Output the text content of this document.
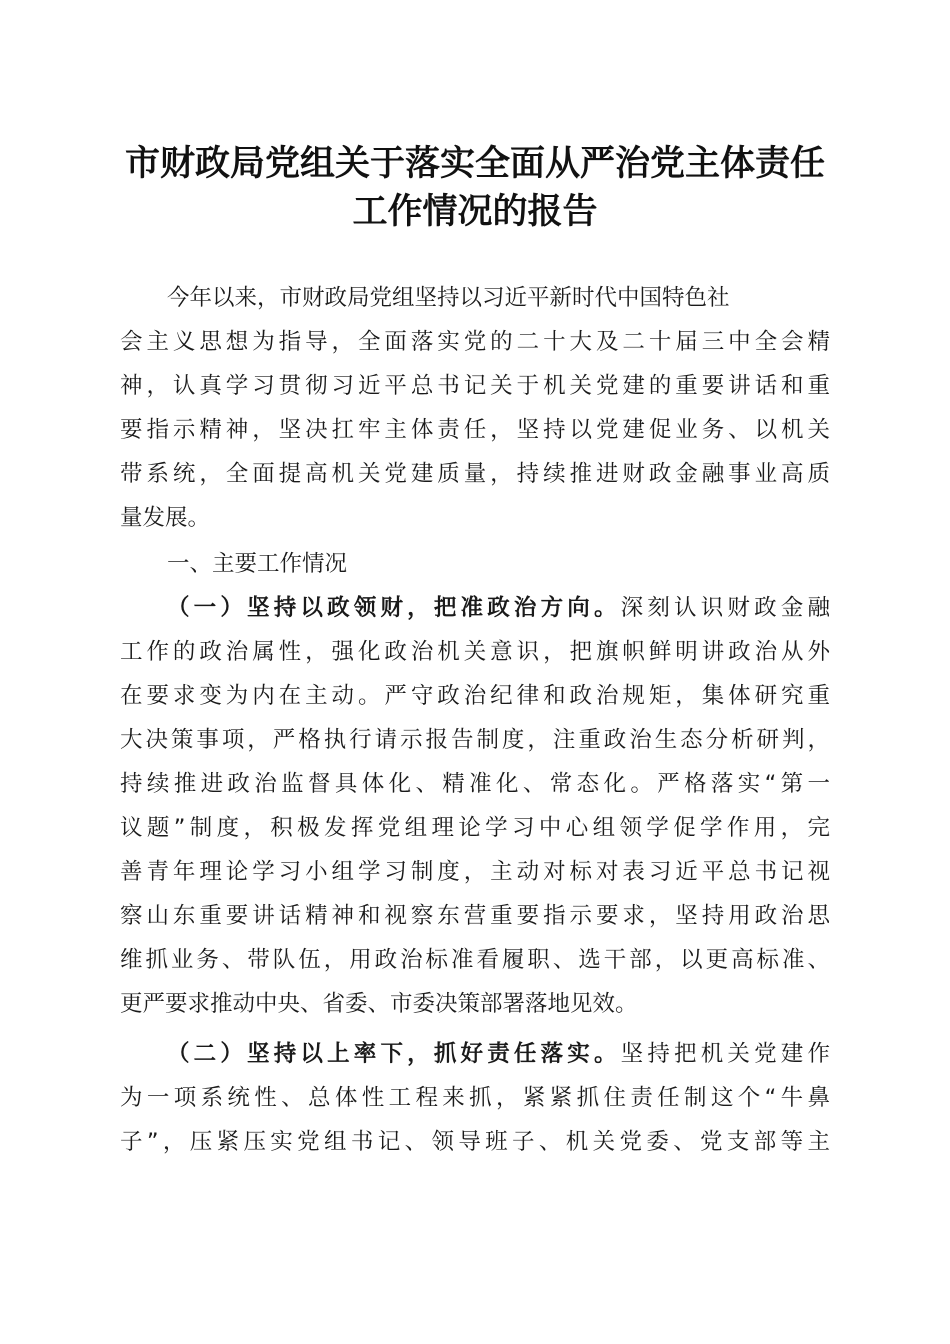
市财政局党组关于落实全面从严治党主体责任
工作情况的报告
今年以来，市财政局党组坚持以习近平新时代中国特色社
会主义思想为指导，全面落实党的二十大及二十届三中全会精
神，认真学习贯彻习近平总书记关于机关党建的重要讲话和重
要指示精神，坚决扛牢主体责任，坚持以党建促业务、以机关
带系统，全面提高机关党建质量，持续推进财政金融事业高质
量发展。
一、主要工作情况
（一）坚持以政领财，把准政治方向。深刻认识财政金融
工作的政治属性，强化政治机关意识，把旗帜鲜明讲政治从外
在要求变为内在主动。严守政治纪律和政治规矩，集体研究重
大决策事项，严格执行请示报告制度，注重政治生态分析研判，
持续推进政治监督具体化、精准化、常态化。严格落实“第一
议题”制度，积极发挥党组理论学习中心组领学促学作用，完
善青年理论学习小组学习制度，主动对标对表习近平总书记视
察山东重要讲话精神和视察东营重要指示要求，坚持用政治思
维抓业务、带队伍，用政治标准看履职、选干部，以更高标准、
更严要求推动中央、省委、市委决策部署落地见效。
（二）坚持以上率下，抓好责任落实。坚持把机关党建作
为一项系统性、总体性工程来抓，紧紧抓住责任制这个“牛鼻
子”，压紧压实党组书记、领导班子、机关党委、党支部等主
